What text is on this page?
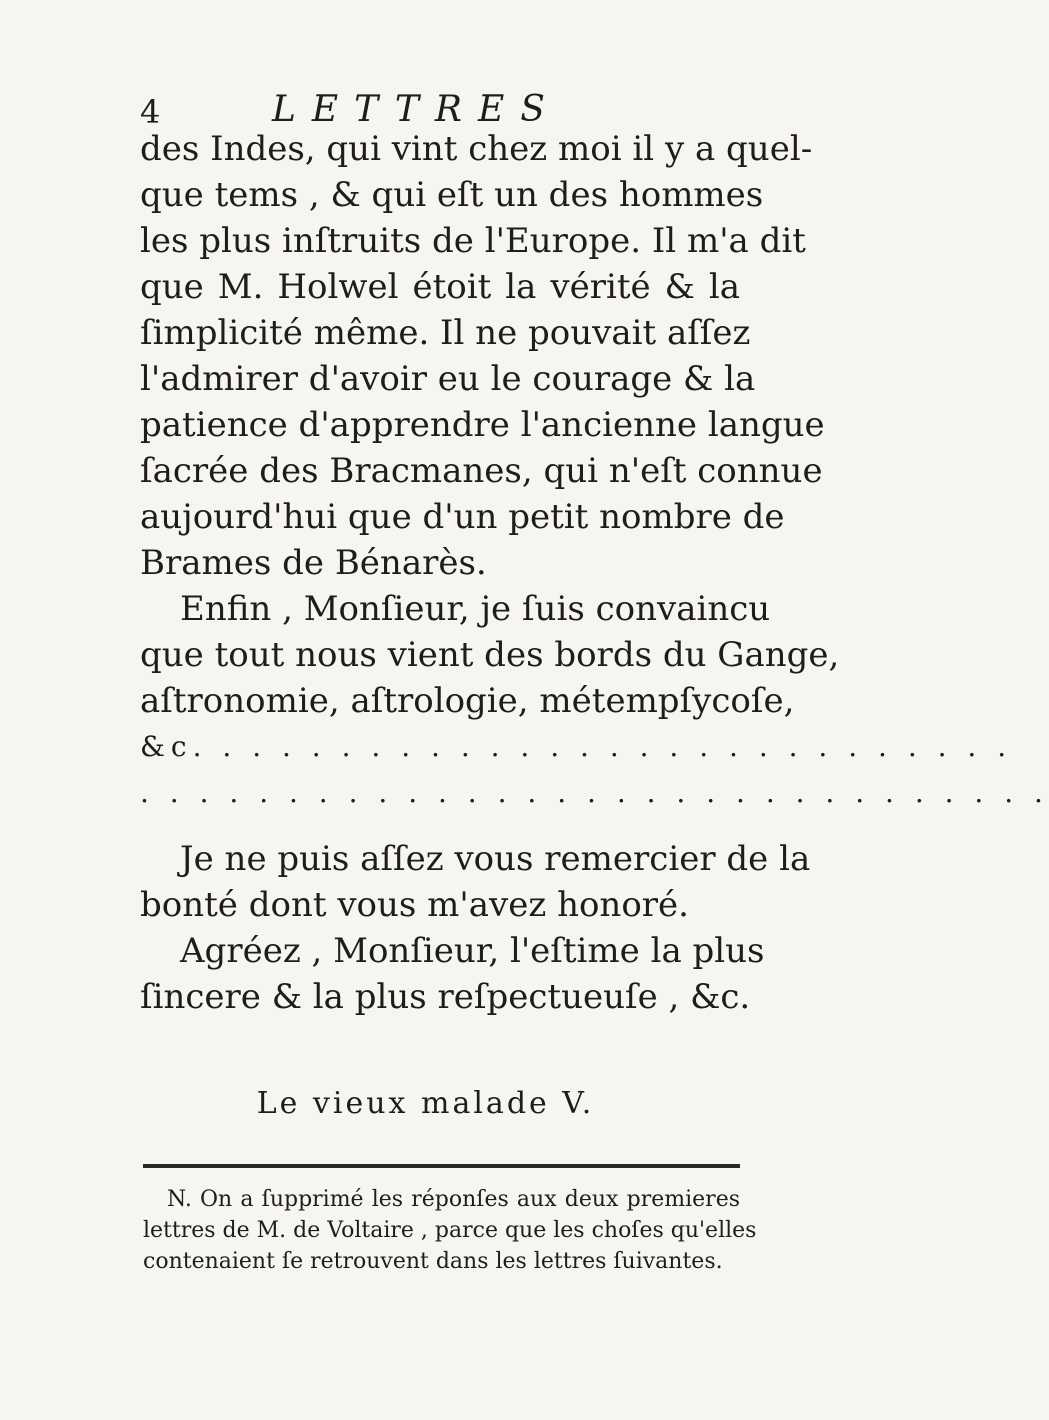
4	LETTRES
des Indes, qui vint chez moi il y a quel-
que tems , & qui eſt un des hommes
les plus inſtruits de l'Europe. Il m'a dit
que M. Holwel étoit la vérité & la
ſimplicité même. Il ne pouvait aſſez
l'admirer d'avoir eu le courage & la
patience d'apprendre l'ancienne langue
ſacrée des Bracmanes, qui n'eſt connue
aujourd'hui que d'un petit nombre de
Brames de Bénarès.
Enfin , Monſieur, je ſuis convaincu
que tout nous vient des bords du Gange,
aſtronomie, aſtrologie, métempſycoſe,
&c. . . . . . . . . . . . . . . . . . . . . . . . . . . .
. . . . . . . . . . . . . . . . . . . . . . . . . . . . . . .
Je ne puis aſſez vous remercier de la
bonté dont vous m'avez honoré.
Agréez , Monſieur, l'eſtime la plus
ſincere & la plus reſpectueuſe , &c.
Le vieux malade V.
N. On a ſupprimé les réponſes aux deux premieres
lettres de M. de Voltaire , parce que les choſes qu'elles
contenaient ſe retrouvent dans les lettres ſuivantes.
